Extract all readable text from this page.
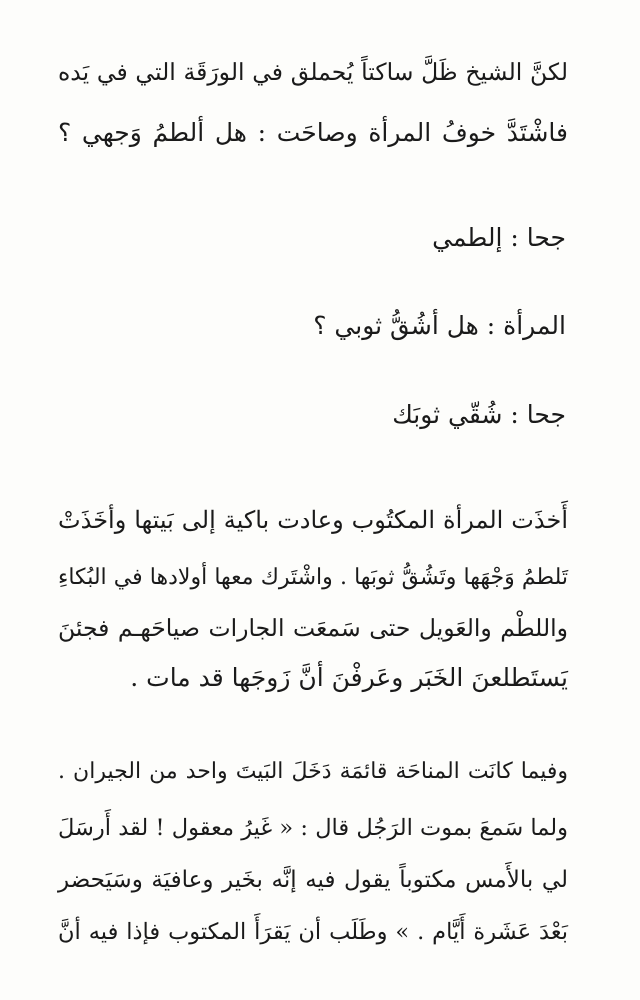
لكنَّ الشيخ ظَلَّ ساكتاً يُحملق في الورَقَة التي في يَده
فاشْتَدَّ خوفُ المرأة وصاحَت : هل ألطمُ وَجهي ؟
جحا : إلطمي
المرأة : هل أشُقُّ ثوبي ؟
جحا : شُقّي ثوبَك
أَخذَت المرأة المكتُوب وعادت باكية إلى بَيتها وأخَذَتْ
تَلطمُ وَجْهَها وتَشُقُّ ثوبَها . واشْتَرك معها أولادها في البُكاءِ
واللطْم والعَويل حتى سَمعَت الجارات صياحَهـم فجئنَ
يَستَطلعنَ الخَبَر وعَرفْنَ أنَّ زَوجَها قد مات .
وفيما كانَت المناحَة قائمَة دَخَلَ البَيتَ واحد من الجيران .
ولما سَمعَ بموت الرَجُل قال : « غَيرُ معقول ! لقد أَرسَلَ
لي بالأَمس مكتوباً يقول فيه إنَّه بخَير وعافيَة وسَيَحضر
بَعْدَ عَشَرة أَيَّام . » وطَلَب أن يَقرَأَ المكتوب فإذا فيه أنَّ
